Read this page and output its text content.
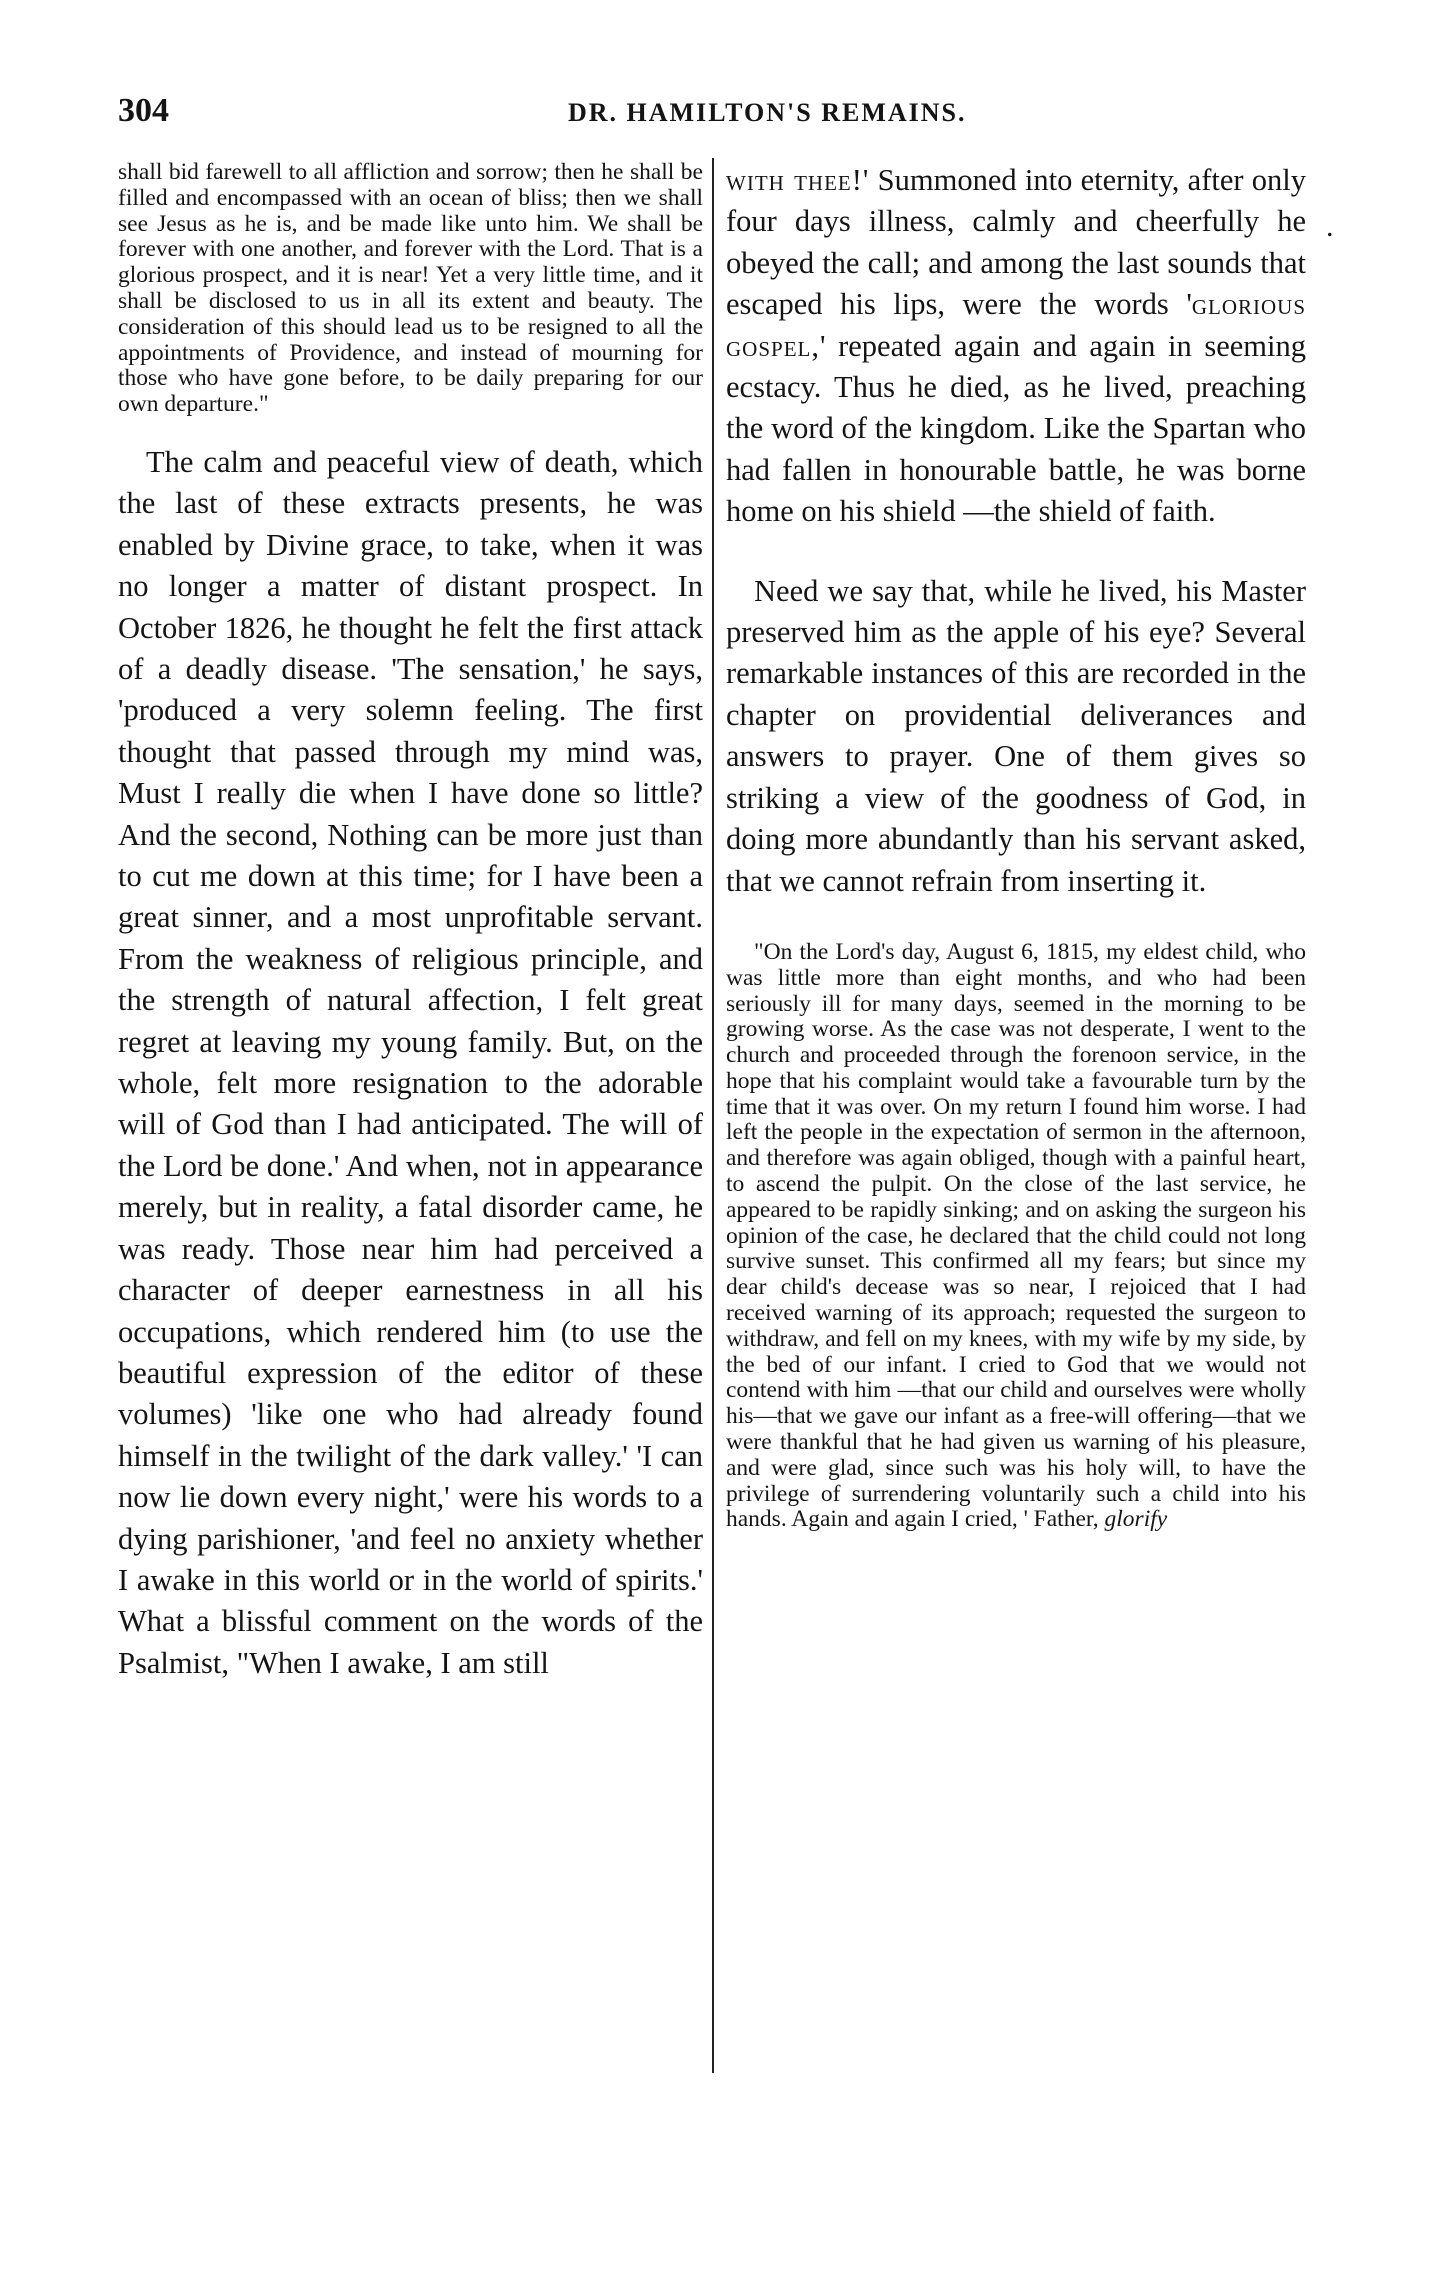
304	DR. HAMILTON'S REMAINS.
.

shall bid farewell to all affliction and sorrow; then he shall be filled and encompassed with an ocean of bliss; then we shall see Jesus as he is, and be made like unto him. We shall be forever with one another, and forever with the Lord. That is a glorious prospect, and it is near! Yet a very little time, and it shall be disclosed to us in all its extent and beauty. The consideration of this should lead us to be resigned to all the appointments of Providence, and instead of mourning for those who have gone before, to be daily preparing for our own departure."

The calm and peaceful view of death, which the last of these extracts presents, he was enabled by Divine grace, to take, when it was no longer a matter of distant prospect. In October 1826, he thought he felt the first attack of a deadly disease. 'The sensation,' he says, 'produced a very solemn feeling. The first thought that passed through my mind was, Must I really die when I have done so little? And the second, Nothing can be more just than to cut me down at this time; for I have been a great sinner, and a most unprofitable servant. From the weakness of religious principle, and the strength of natural affection, I felt great regret at leaving my young family. But, on the whole, felt more resignation to the adorable will of God than I had anticipated. The will of the Lord be done.' And when, not in appearance merely, but in reality, a fatal disorder came, he was ready. Those near him had perceived a character of deeper earnestness in all his occupations, which rendered him (to use the beautiful expression of the editor of these volumes) 'like one who had already found himself in the twilight of the dark valley.' 'I can now lie down every night,' were his words to a dying parishioner, 'and feel no anxiety whether I awake in this world or in the world of spirits.' What a blissful comment on the words of the Psalmist, "When I awake, I am still

with thee!' Summoned into eternity, after only four days illness, calmly and cheerfully he obeyed the call; and among the last sounds that escaped his lips, were the words 'glorious gospel,' repeated again and again in seeming ecstacy. Thus he died, as he lived, preaching the word of the kingdom. Like the Spartan who had fallen in honourable battle, he was borne home on his shield —the shield of faith.

Need we say that, while he lived, his Master preserved him as the apple of his eye? Several remarkable instances of this are recorded in the chapter on providential deliverances and answers to prayer. One of them gives so striking a view of the goodness of God, in doing more abundantly than his servant asked, that we cannot refrain from inserting it.

"On the Lord's day, August 6, 1815, my eldest child, who was little more than eight months, and who had been seriously ill for many days, seemed in the morning to be growing worse. As the case was not desperate, I went to the church and proceeded through the forenoon service, in the hope that his complaint would take a favourable turn by the time that it was over. On my return I found him worse. I had left the people in the expectation of sermon in the afternoon, and therefore was again obliged, though with a painful heart, to ascend the pulpit. On the close of the last service, he appeared to be rapidly sinking; and on asking the surgeon his opinion of the case, he declared that the child could not long survive sunset. This confirmed all my fears; but since my dear child's decease was so near, I rejoiced that I had received warning of its approach; requested the surgeon to withdraw, and fell on my knees, with my wife by my side, by the bed of our infant. I cried to God that we would not contend with him —that our child and ourselves were wholly his—that we gave our infant as a free-will offering—that we were thankful that he had given us warning of his pleasure, and were glad, since such was his holy will, to have the privilege of surrendering voluntarily such a child into his hands. Again and again I cried, ' Father, glorify
